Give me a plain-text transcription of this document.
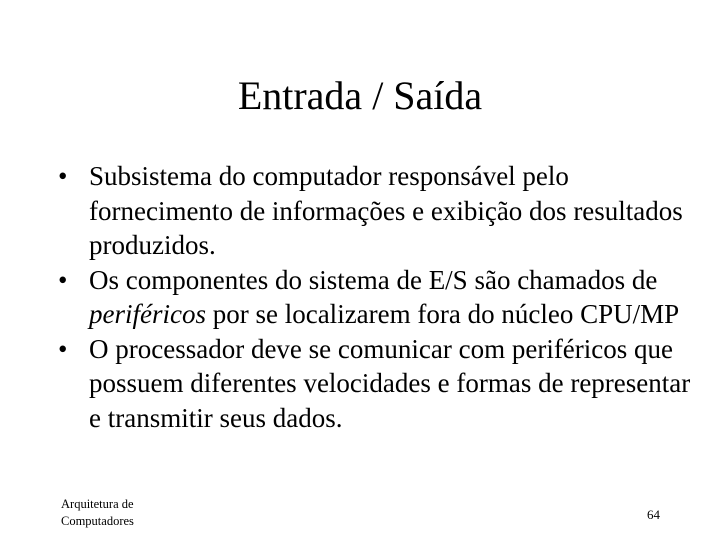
Entrada / Saída
• Subsistema do computador responsável pelo fornecimento de informações e exibição dos resultados produzidos.
• Os componentes do sistema de E/S são chamados de periféricos por se localizarem fora do núcleo CPU/MP
• O processador deve se comunicar com periféricos que possuem diferentes velocidades e formas de representar e transmitir seus dados.
Arquitetura de
Computadores	64
